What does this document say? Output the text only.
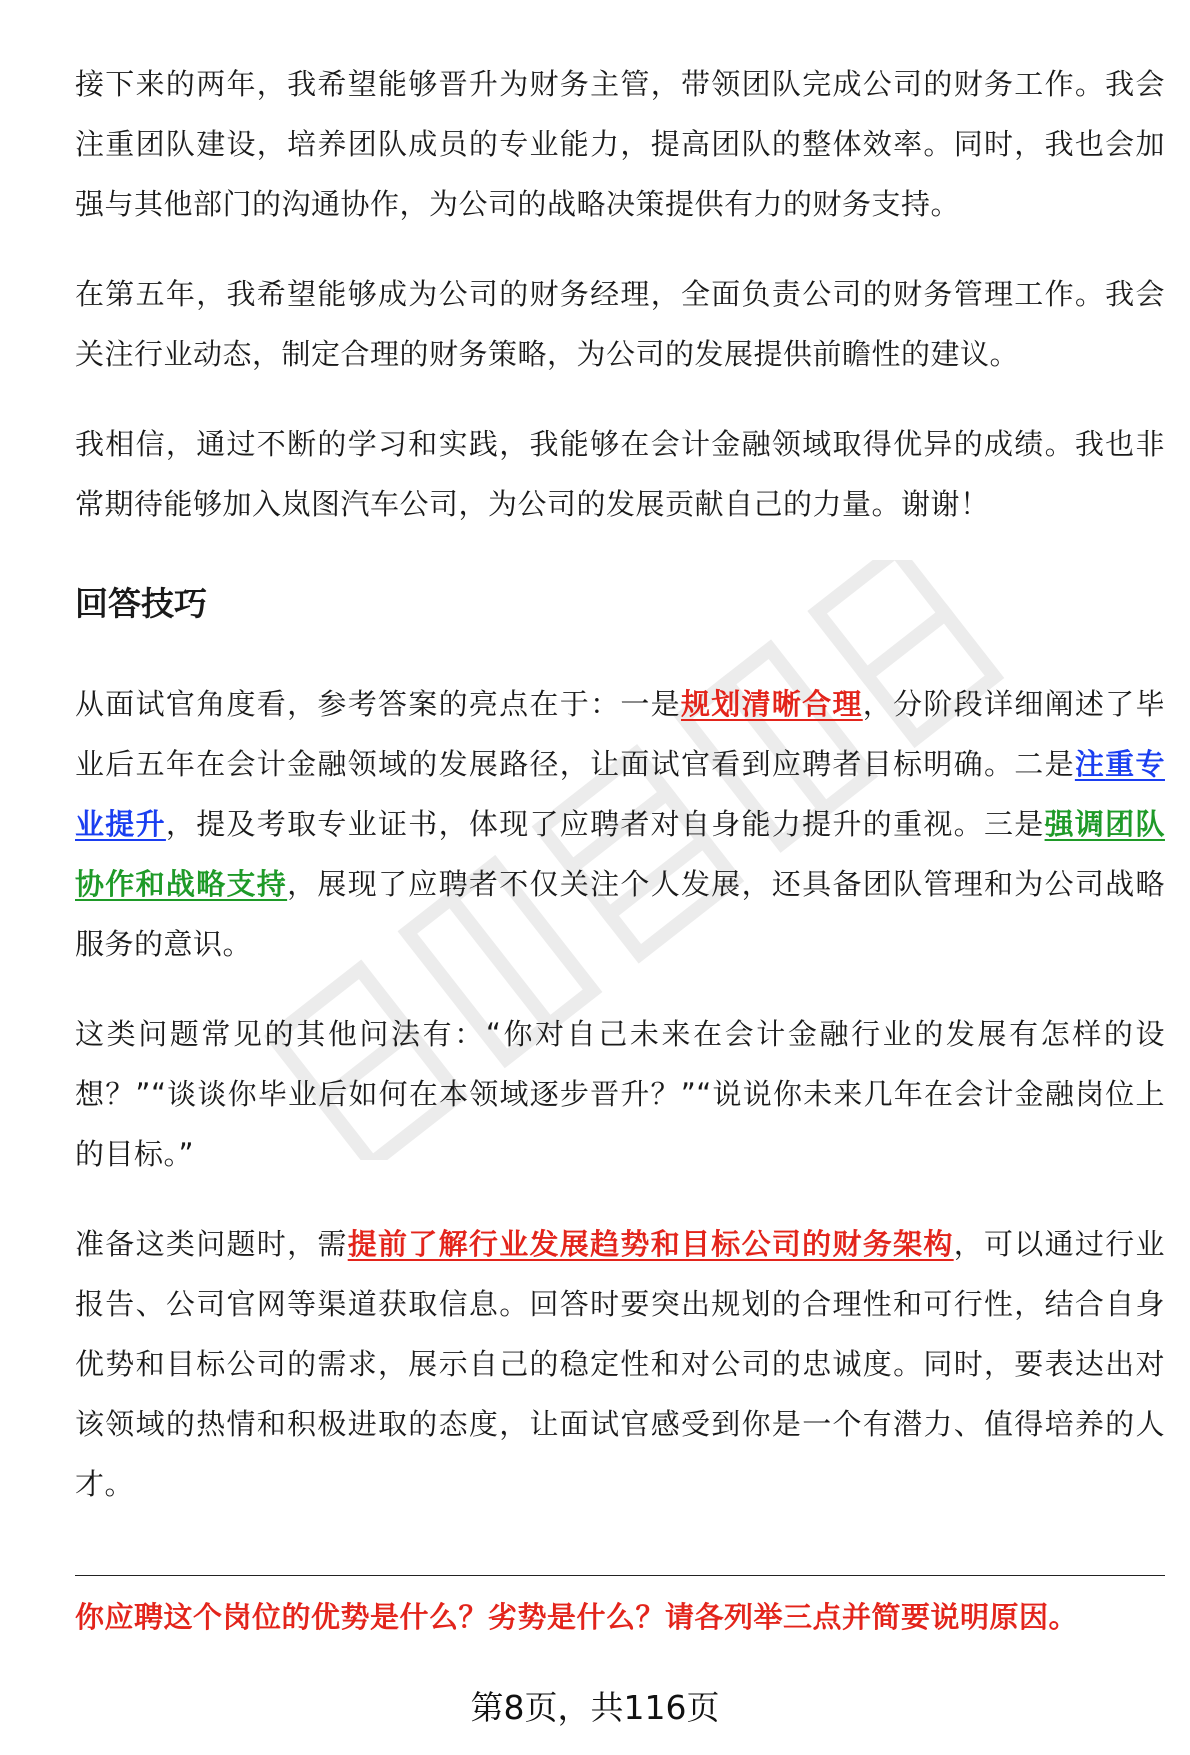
接下来的两年，我希望能够晋升为财务主管，带领团队完成公司的财务工作。我会注重团队建设，培养团队成员的专业能力，提高团队的整体效率。同时，我也会加强与其他部门的沟通协作，为公司的战略决策提供有力的财务支持。

在第五年，我希望能够成为公司的财务经理，全面负责公司的财务管理工作。我会关注行业动态，制定合理的财务策略，为公司的发展提供前瞻性的建议。

我相信，通过不断的学习和实践，我能够在会计金融领域取得优异的成绩。我也非常期待能够加入岚图汽车公司，为公司的发展贡献自己的力量。谢谢！

回答技巧

从面试官角度看，参考答案的亮点在于：一是规划清晰合理，分阶段详细阐述了毕业后五年在会计金融领域的发展路径，让面试官看到应聘者目标明确。二是注重专业提升，提及考取专业证书，体现了应聘者对自身能力提升的重视。三是强调团队协作和战略支持，展现了应聘者不仅关注个人发展，还具备团队管理和为公司战略服务的意识。

这类问题常见的其他问法有：“你对自己未来在会计金融行业的发展有怎样的设想？”“谈谈你毕业后如何在本领域逐步晋升？”“说说你未来几年在会计金融岗位上的目标。”

准备这类问题时，需提前了解行业发展趋势和目标公司的财务架构，可以通过行业报告、公司官网等渠道获取信息。回答时要突出规划的合理性和可行性，结合自身优势和目标公司的需求，展示自己的稳定性和对公司的忠诚度。同时，要表达出对该领域的热情和积极进取的态度，让面试官感受到你是一个有潜力、值得培养的人才。

你应聘这个岗位的优势是什么？劣势是什么？请各列举三点并简要说明原因。
第8页，共116页
